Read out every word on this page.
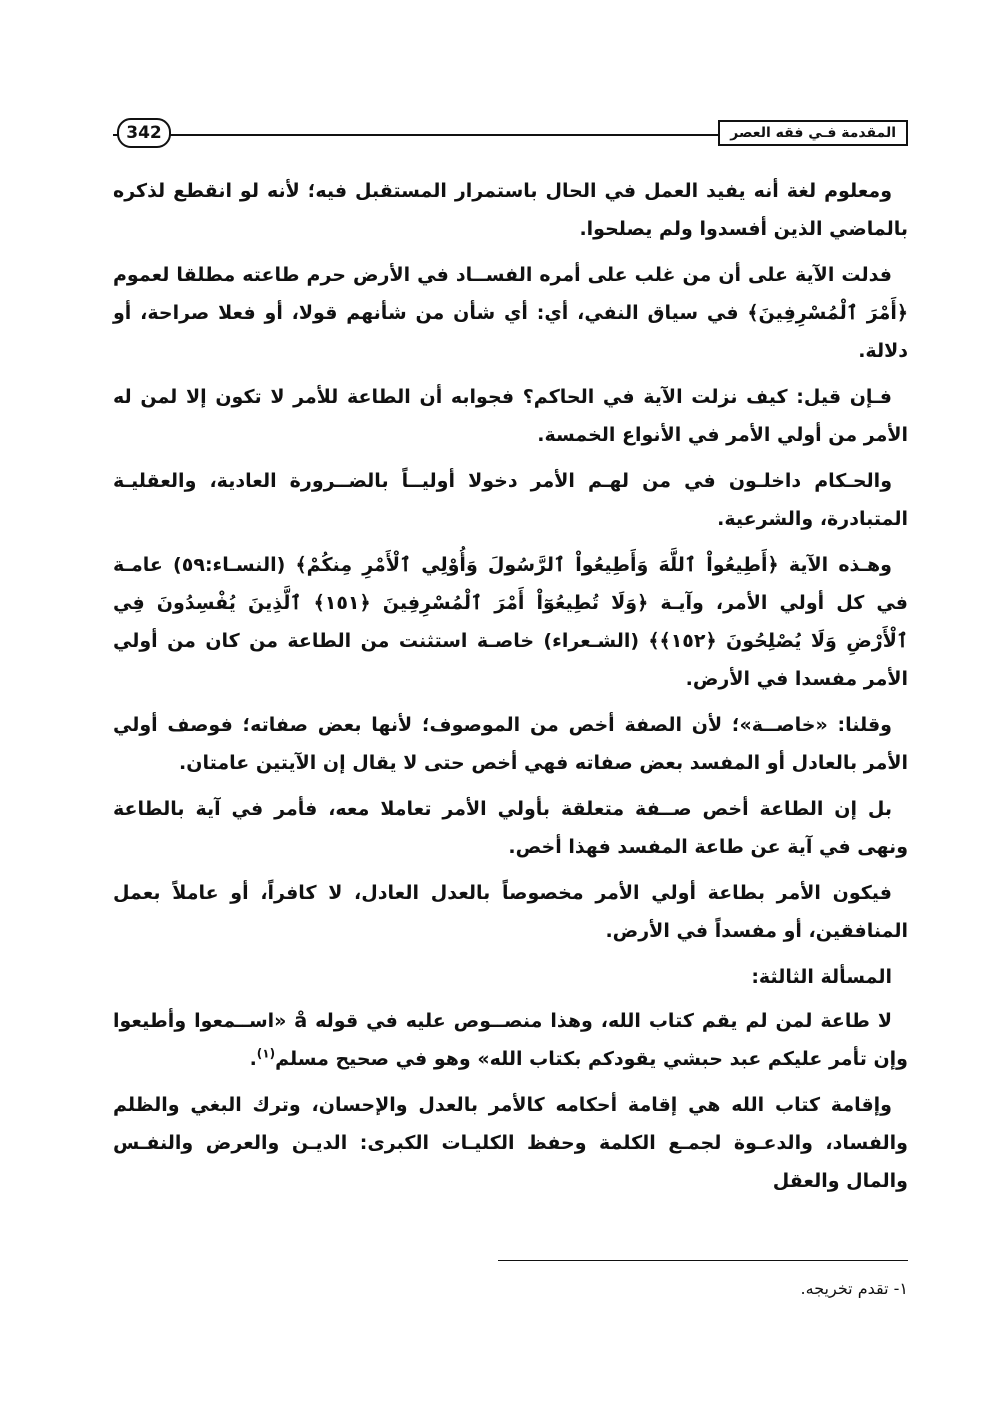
المقدمة فـي فقه العصر
342

ومعلوم لغة أنه يفيد العمل في الحال باستمرار المستقبل فيه؛ لأنه لو انقطع لذكره بالماضي الذين أفسدوا ولم يصلحوا.

فدلت الآية على أن من غلب على أمره الفســاد في الأرض حرم طاعته مطلقا لعموم ﴿أَمْرَ ٱلْمُسْرِفِينَ﴾ في سياق النفي، أي: أي شأن من شأنهم قولا، أو فعلا صراحة، أو دلالة.

فـإن قيل: كيف نزلت الآية في الحاكم؟ فجوابه أن الطاعة للأمر لا تكون إلا لمن له الأمر من أولي الأمر في الأنواع الخمسة.

والحـكام داخلـون في من لهـم الأمر دخولا أوليــاً بالضــرورة العادية، والعقليـة المتبادرة، والشرعية.

وهـذه الآية ﴿أَطِيعُواْ ٱللَّهَ وَأَطِيعُواْ ٱلرَّسُولَ وَأُوْلِي ٱلْأَمْرِ مِنكُمْ﴾ (النسـاء:٥٩) عامـة في كل أولي الأمر، وآيـة ﴿وَلَا تُطِيعُوٓاْ أَمْرَ ٱلْمُسْرِفِينَ ﴿١٥١﴾ ٱلَّذِينَ يُفْسِدُونَ فِي ٱلْأَرْضِ وَلَا يُصْلِحُونَ ﴿١٥٢﴾﴾ (الشـعراء) خاصـة استثنت من الطاعة من كان من أولي الأمر مفسدا في الأرض.

وقلنا: «خاصــة»؛ لأن الصفة أخص من الموصوف؛ لأنها بعض صفاته؛ فوصف أولي الأمر بالعادل أو المفسد بعض صفاته فهي أخص حتى لا يقال إن الآيتين عامتان.

بل إن الطاعة أخص صــفة متعلقة بأولي الأمر تعاملا معه، فأمر في آية بالطاعة ونهى في آية عن طاعة المفسد فهذا أخص.

فيكون الأمر بطاعة أولي الأمر مخصوصاً بالعدل العادل، لا كافراً، أو عاملاً بعمل المنافقين، أو مفسداً في الأرض.

المسألة الثالثة:

لا طاعة لمن لم يقم كتاب الله، وهذا منصــوص عليه في قوله å «اســمعوا وأطيعوا وإن تأمر عليكم عبد حبشي يقودكم بكتاب الله» وهو في صحيح مسلم$^{(١)}$.

وإقامة كتاب الله هي إقامة أحكامه كالأمر بالعدل والإحسان، وترك البغي والظلم والفساد، والدعـوة لجمـع الكلمة وحفظ الكليـات الكبرى: الديـن والعرض والنفـس والمال والعقل

١- تقدم تخريجه.
